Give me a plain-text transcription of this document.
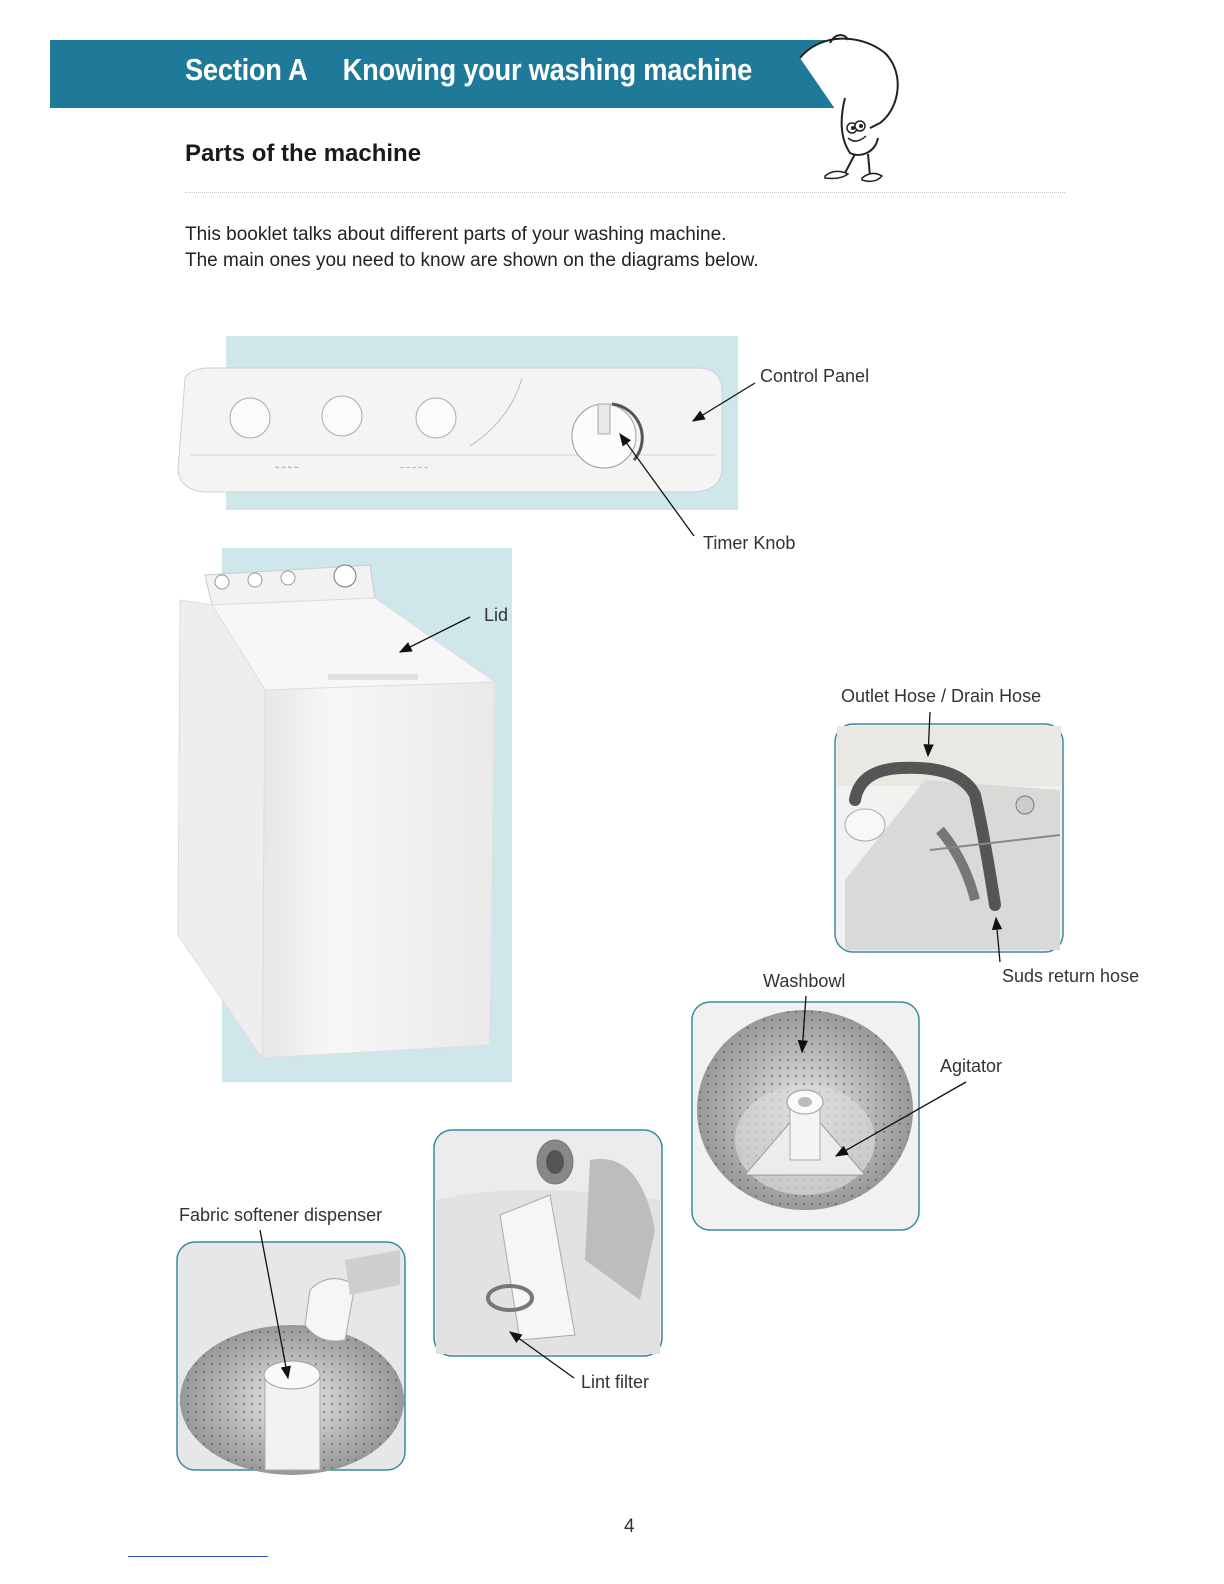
Section A Knowing your washing machine
Parts of the machine

This booklet talks about different parts of your washing machine.

The main ones you need to know are shown on the diagrams below.

~ ~ ~ ~	~ ~ ~ ~ ~
Control Panel
Timer Knob
Lid
Outlet Hose / Drain Hose
Suds return hose
Washbowl
Agitator
Fabric softener dispenser
Lint filter
4
